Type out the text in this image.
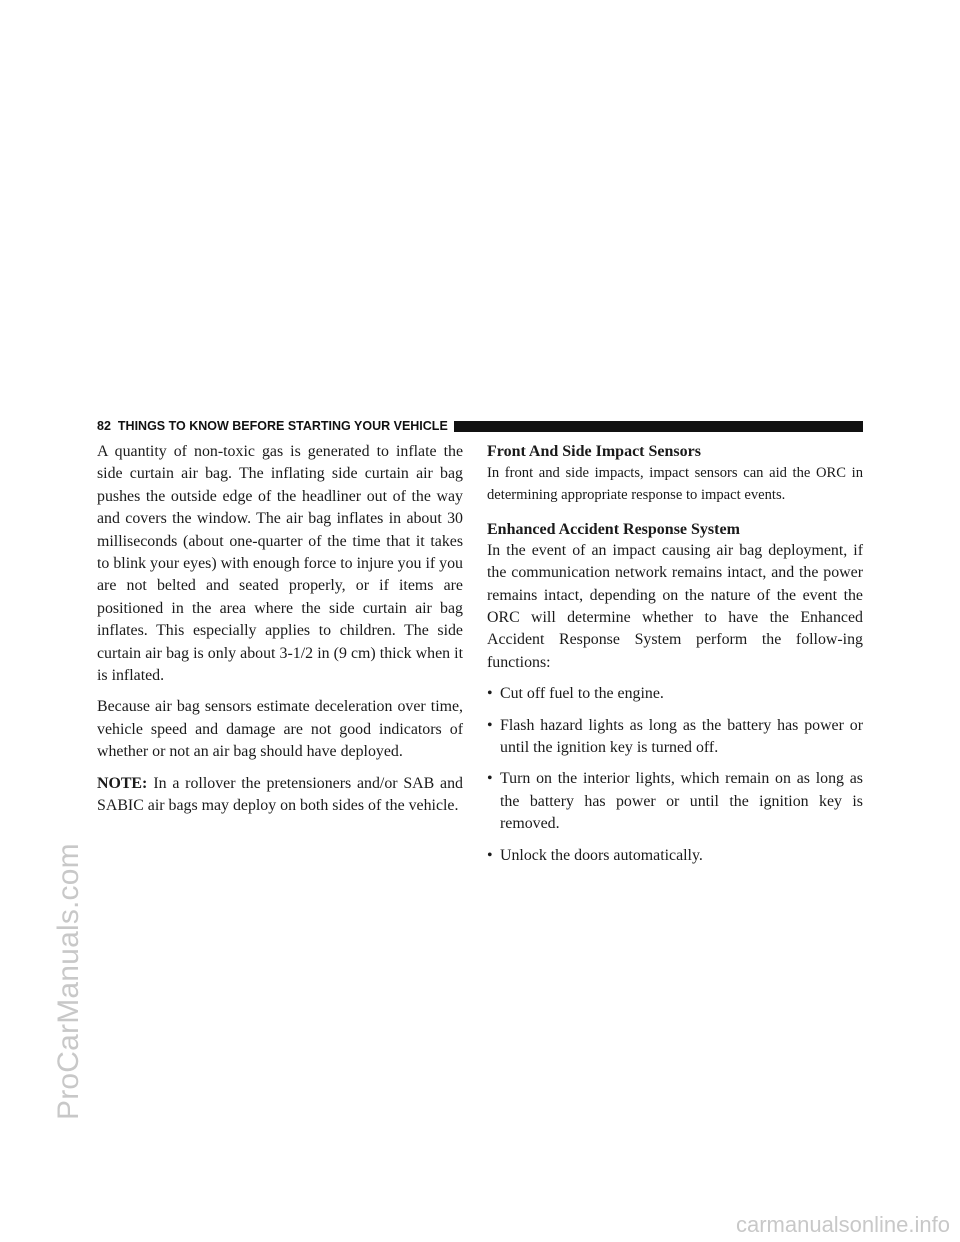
ProCarManuals.com
carmanualsonline.info
82 THINGS TO KNOW BEFORE STARTING YOUR VEHICLE

A quantity of non-toxic gas is generated to inflate the side curtain air bag. The inflating side curtain air bag pushes the outside edge of the headliner out of the way and covers the window. The air bag inflates in about 30 milliseconds (about one-quarter of the time that it takes to blink your eyes) with enough force to injure you if you are not belted and seated properly, or if items are positioned in the area where the side curtain air bag inflates. This especially applies to children. The side curtain air bag is only about 3-1/2 in (9 cm) thick when it is inflated.

Because air bag sensors estimate deceleration over time, vehicle speed and damage are not good indicators of whether or not an air bag should have deployed.

NOTE: In a rollover the pretensioners and/or SAB and SABIC air bags may deploy on both sides of the vehicle.

Front And Side Impact Sensors

In front and side impacts, impact sensors can aid the ORC in determining appropriate response to impact events.

Enhanced Accident Response System

In the event of an impact causing air bag deployment, if the communication network remains intact, and the power remains intact, depending on the nature of the event the ORC will determine whether to have the Enhanced Accident Response System perform the follow-ing functions:

• Cut off fuel to the engine.
• Flash hazard lights as long as the battery has power or until the ignition key is turned off.
• Turn on the interior lights, which remain on as long as the battery has power or until the ignition key is removed.
• Unlock the doors automatically.
